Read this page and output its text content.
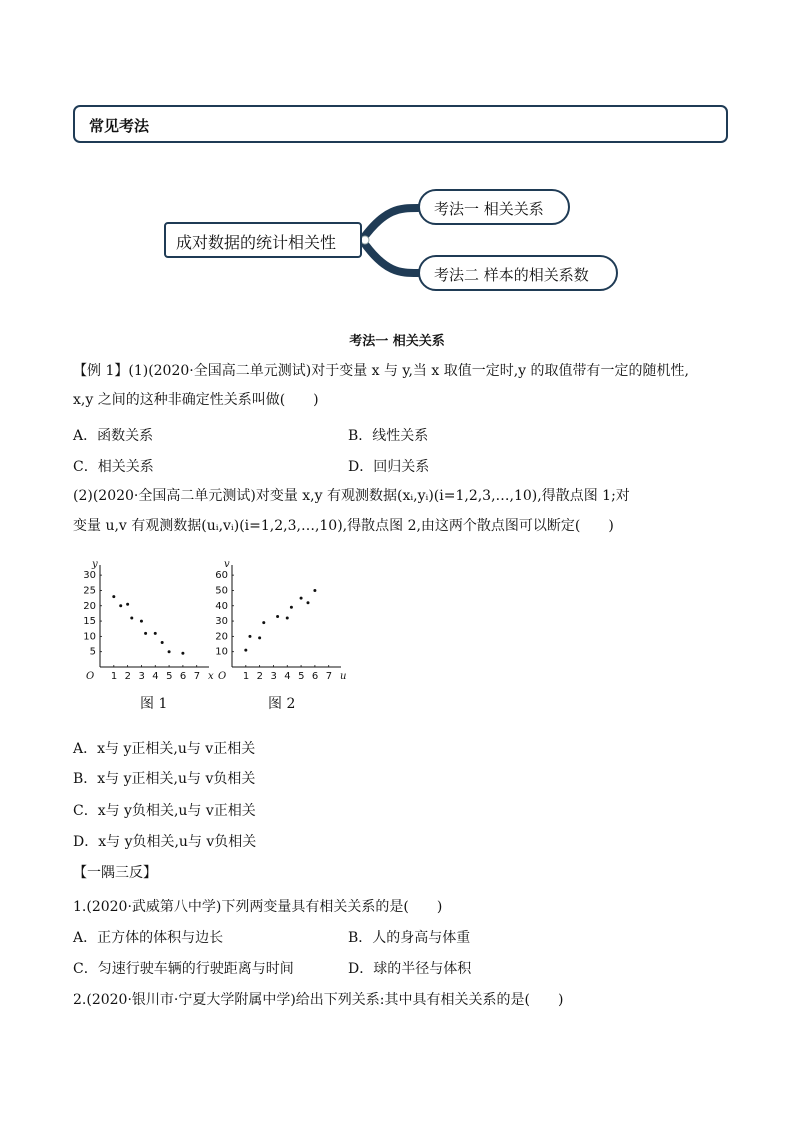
常见考法
成对数据的统计相关性
考法一 相关关系
考法二 样本的相关系数
考法一 相关关系
【例 1】(1)(2020·全国高二单元测试)对于变量 x 与 y,当 x 取值一定时,y 的取值带有一定的随机性,
x,y 之间的这种非确定性关系叫做(　　)
A．函数关系	B．线性关系
C．相关关系	D．回归关系
(2)(2020·全国高二单元测试)对变量 x,y 有观测数据(xᵢ,yᵢ)(i=1,2,3,…,10),得散点图 1;对
变量 u,v 有观测数据(uᵢ,vᵢ)(i=1,2,3,…,10),得散点图 2,由这两个散点图可以断定(　　)
O	x
y
1 2 3 4 5 6 7
5
10
15
20
25
30
O	u
v
1 2 3 4 5 6 7
10
20
30
40
50
60
图 1	图 2
A．x与 y正相关,u与 v正相关
B．x与 y正相关,u与 v负相关
C．x与 y负相关,u与 v正相关
D．x与 y负相关,u与 v负相关
【一隅三反】
1.(2020·武威第八中学)下列两变量具有相关关系的是(　　)
A．正方体的体积与边长	B．人的身高与体重
C．匀速行驶车辆的行驶距离与时间	D．球的半径与体积
2.(2020·银川市·宁夏大学附属中学)给出下列关系:其中具有相关关系的是(　　)
